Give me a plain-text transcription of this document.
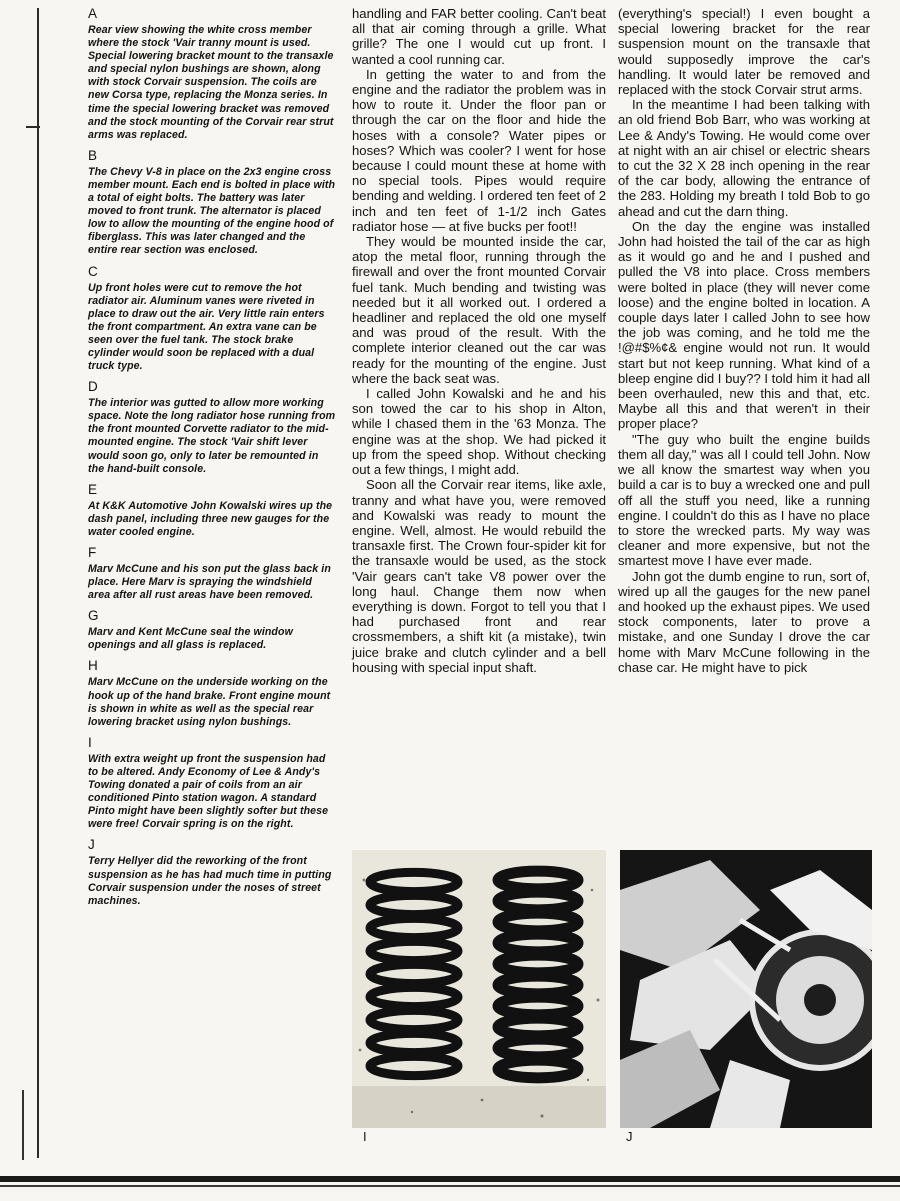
A

Rear view showing the white cross member where the stock 'Vair tranny mount is used. Special lowering bracket mount to the transaxle and special nylon bushings are shown, along with stock Corvair suspension. The coils are new Corsa type, replacing the Monza series. In time the special lowering bracket was removed and the stock mounting of the Corvair rear strut arms was replaced.

B

The Chevy V-8 in place on the 2x3 engine cross member mount. Each end is bolted in place with a total of eight bolts. The battery was later moved to front trunk. The alternator is placed low to allow the mounting of the engine hood of fiberglass. This was later changed and the entire rear section was enclosed.

C

Up front holes were cut to remove the hot radiator air. Aluminum vanes were riveted in place to draw out the air. Very little rain enters the front compartment. An extra vane can be seen over the fuel tank. The stock brake cylinder would soon be replaced with a dual truck type.

D

The interior was gutted to allow more working space. Note the long radiator hose running from the front mounted Corvette radiator to the mid-mounted engine. The stock 'Vair shift lever would soon go, only to later be remounted in the hand-built console.

E

At K&K Automotive John Kowalski wires up the dash panel, including three new gauges for the water cooled engine.

F

Marv McCune and his son put the glass back in place. Here Marv is spraying the windshield area after all rust areas have been removed.

G

Marv and Kent McCune seal the window openings and all glass is replaced.

H

Marv McCune on the underside working on the hook up of the hand brake. Front engine mount is shown in white as well as the special rear lowering bracket using nylon bushings.

I

With extra weight up front the suspension had to be altered. Andy Economy of Lee & Andy's Towing donated a pair of coils from an air conditioned Pinto station wagon. A standard Pinto might have been slightly softer but these were free! Corvair spring is on the right.

J

Terry Hellyer did the reworking of the front suspension as he has had much time in putting Corvair suspension under the noses of street machines.

handling and FAR better cooling. Can't beat all that air coming through a grille. What grille? The one I would cut up front. I wanted a cool running car.

In getting the water to and from the engine and the radiator the problem was in how to route it. Under the floor pan or through the car on the floor and hide the hoses with a console? Water pipes or hoses? Which was cooler? I went for hose because I could mount these at home with no special tools. Pipes would require bending and welding. I ordered ten feet of 2 inch and ten feet of 1-1/2 inch Gates radiator hose — at five bucks per foot!!

They would be mounted inside the car, atop the metal floor, running through the firewall and over the front mounted Corvair fuel tank. Much bending and twisting was needed but it all worked out. I ordered a headliner and replaced the old one myself and was proud of the result. With the complete interior cleaned out the car was ready for the mounting of the engine. Just where the back seat was.

I called John Kowalski and he and his son towed the car to his shop in Alton, while I chased them in the '63 Monza. The engine was at the shop. We had picked it up from the speed shop. Without checking out a few things, I might add.

Soon all the Corvair rear items, like axle, tranny and what have you, were removed and Kowalski was ready to mount the engine. Well, almost. He would rebuild the transaxle first. The Crown four-spider kit for the transaxle would be used, as the stock 'Vair gears can't take V8 power over the long haul. Change them now when everything is down. Forgot to tell you that I had purchased front and rear crossmembers, a shift kit (a mistake), twin juice brake and clutch cylinder and a bell housing with special input shaft.

(everything's special!) I even bought a special lowering bracket for the rear suspension mount on the transaxle that would supposedly improve the car's handling. It would later be removed and replaced with the stock Corvair strut arms.

In the meantime I had been talking with an old friend Bob Barr, who was working at Lee & Andy's Towing. He would come over at night with an air chisel or electric shears to cut the 32 X 28 inch opening in the rear of the car body, allowing the entrance of the 283. Holding my breath I told Bob to go ahead and cut the darn thing.

On the day the engine was installed John had hoisted the tail of the car as high as it would go and he and I pushed and pulled the V8 into place. Cross members were bolted in place (they will never come loose) and the engine bolted in location. A couple days later I called John to see how the job was coming, and he told me the !@#$%¢& engine would not run. It would start but not keep running. What kind of a bleep engine did I buy?? I told him it had all been overhauled, new this and that, etc. Maybe all this and that weren't in their proper place?

"The guy who built the engine builds them all day," was all I could tell John. Now we all know the smartest way when you build a car is to buy a wrecked one and pull off all the stuff you need, like a running engine. I couldn't do this as I have no place to store the wrecked parts. My way was cleaner and more expensive, but not the smartest move I have ever made.

John got the dumb engine to run, sort of, wired up all the gauges for the new panel and hooked up the exhaust pipes. We used stock components, later to prove a mistake, and one Sunday I drove the car home with Marv McCune following in the chase car. He might have to pick

I	J
